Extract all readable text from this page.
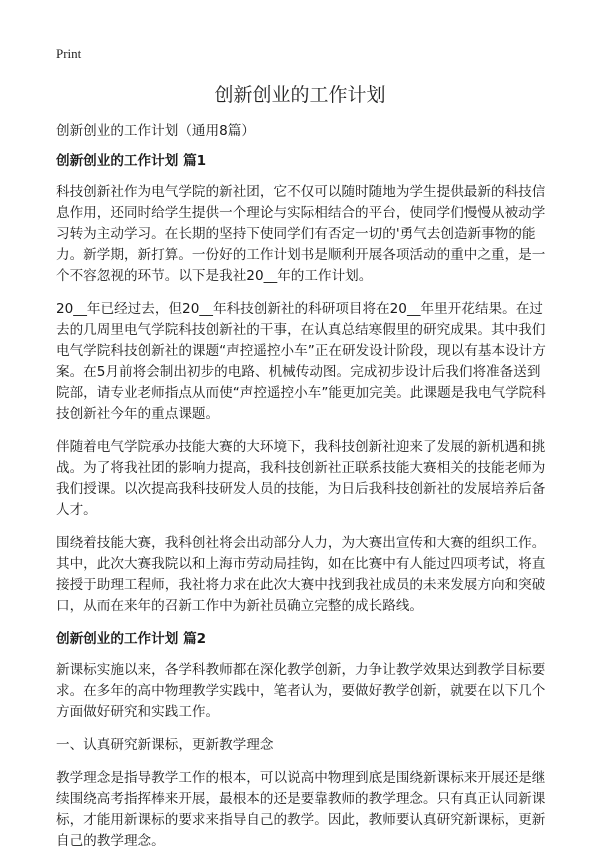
Print
创新创业的工作计划

创新创业的工作计划（通用8篇）

创新创业的工作计划 篇1

科技创新社作为电气学院的新社团，它不仅可以随时随地为学生提供最新的科技信息作用，还同时给学生提供一个理论与实际相结合的平台，使同学们慢慢从被动学习转为主动学习。在长期的坚持下使同学们有否定一切的'勇气去创造新事物的能力。新学期，新打算。一份好的工作计划书是顺利开展各项活动的重中之重，是一个不容忽视的环节。以下是我社20__年的工作计划。

20__年已经过去，但20__年科技创新社的科研项目将在20__年里开花结果。在过去的几周里电气学院科技创新社的干事，在认真总结寒假里的研究成果。其中我们电气学院科技创新社的课题“声控遥控小车”正在研发设计阶段，现以有基本设计方案。在5月前将会制出初步的电路、机械传动图。完成初步设计后我们将准备送到院部，请专业老师指点从而使“声控遥控小车”能更加完美。此课题是我电气学院科技创新社今年的重点课题。

伴随着电气学院承办技能大赛的大环境下，我科技创新社迎来了发展的新机遇和挑战。为了将我社团的影响力提高，我科技创新社正联系技能大赛相关的技能老师为我们授课。以次提高我科技研发人员的技能，为日后我科技创新社的发展培养后备人才。

围绕着技能大赛，我科创社将会出动部分人力，为大赛出宣传和大赛的组织工作。其中，此次大赛我院以和上海市劳动局挂钩，如在比赛中有人能过四项考试，将直接授于助理工程师，我社将力求在此次大赛中找到我社成员的未来发展方向和突破口，从而在来年的召新工作中为新社员确立完整的成长路线。

创新创业的工作计划 篇2

新课标实施以来，各学科教师都在深化教学创新，力争让教学效果达到教学目标要求。在多年的高中物理教学实践中，笔者认为，要做好教学创新，就要在以下几个方面做好研究和实践工作。

一、认真研究新课标，更新教学理念

教学理念是指导教学工作的根本，可以说高中物理到底是围绕新课标来开展还是继续围绕高考指挥棒来开展，最根本的还是要靠教师的教学理念。只有真正认同新课标，才能用新课标的要求来指导自己的教学。因此，教师要认真研究新课标，更新自己的教学理念。
